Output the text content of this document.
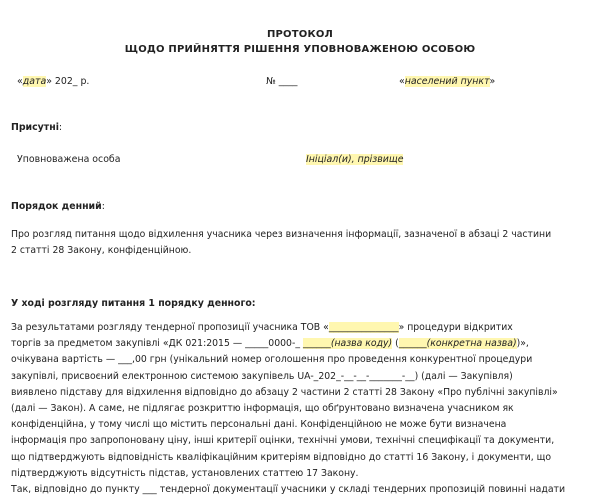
ПРОТОКОЛ
ЩОДО ПРИЙНЯТТЯ РІШЕННЯ УПОВНОВАЖЕНОЮ ОСОБОЮ
«дата» 202_ р.	№ ____	«населений пункт»
Присутні:
Уповноважена особа	Ініціал(и), прізвище
Порядок денний:
Про розгляд питання щодо відхилення учасника через визначення інформації, зазначеної в абзаці 2 частини
2 статті 28 Закону, конфіденційною.
У ході розгляду питання 1 порядку денного:
За результатами розгляду тендерної пропозиції учасника ТОВ «_______________» процедури відкритих
торгів за предметом закупівлі «ДК 021:2015 — _____0000-_ ______(назва коду) (______(конкретна назва))»,
очікувана вартість — ___,00 грн (унікальний номер оголошення про проведення конкурентної процедури
закупівлі, присвоєний електронною системою закупівель UA-_202_-__-__-_______-__) (далі — Закупівля)
виявлено підставу для відхилення відповідно до абзацу 2 частини 2 статті 28 Закону «Про публічні закупівлі»
(далі — Закон). А саме, не підлягає розкриттю інформація, що обґрунтовано визначена учасником як
конфіденційна, у тому числі що містить персональні дані. Конфіденційною не може бути визначена
інформація про запропоновану ціну, інші критерії оцінки, технічні умови, технічні специфікації та документи,
що підтверджують відповідність кваліфікаційним критеріям відповідно до статті 16 Закону, і документи, що
підтверджують відсутність підстав, установлених статтею 17 Закону.
Так, відповідно до пункту ___ тендерної документації учасники у складі тендерних пропозицій повинні надати
